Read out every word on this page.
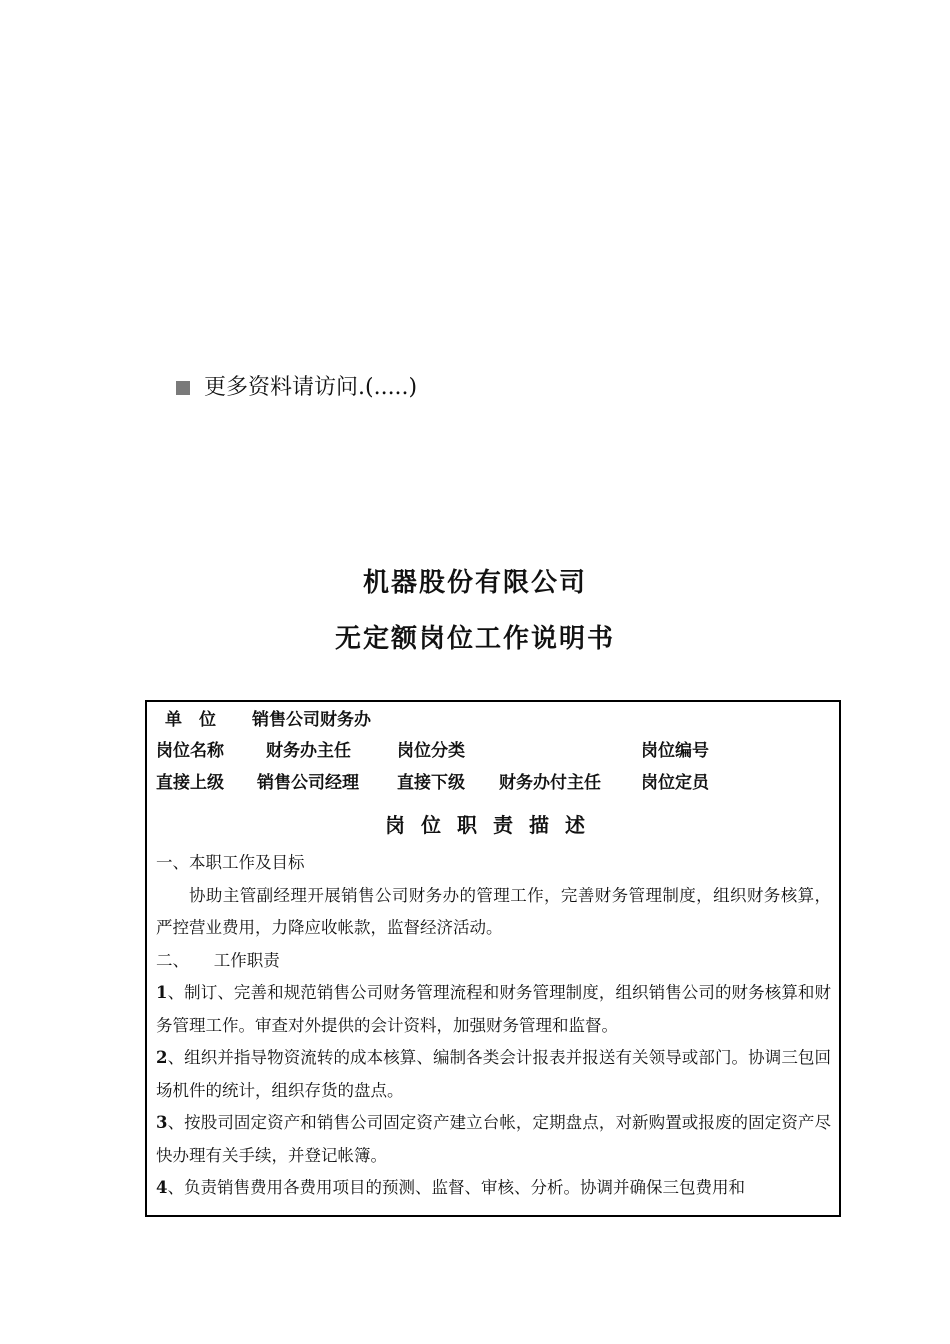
更多资料请访问.(.....)
机器股份有限公司
无定额岗位工作说明书
单　位 销售公司财务办
岗位名称 财务办主任	岗位分类	岗位编号
直接上级 销售公司经理 直接下级 财务办付主任 岗位定员
岗位职责描述

一、本职工作及目标

协助主管副经理开展销售公司财务办的管理工作，完善财务管理制度，组织财务核算，严控营业费用，力降应收帐款，监督经济活动。

二、　　工作职责

1、制订、完善和规范销售公司财务管理流程和财务管理制度，组织销售公司的财务核算和财务管理工作。审查对外提供的会计资料，加强财务管理和监督。

2、组织并指导物资流转的成本核算、编制各类会计报表并报送有关领导或部门。协调三包回场机件的统计，组织存货的盘点。

3、按股司固定资产和销售公司固定资产建立台帐，定期盘点，对新购置或报废的固定资产尽快办理有关手续，并登记帐簿。

4、负责销售费用各费用项目的预测、监督、审核、分析。协调并确保三包费用和
